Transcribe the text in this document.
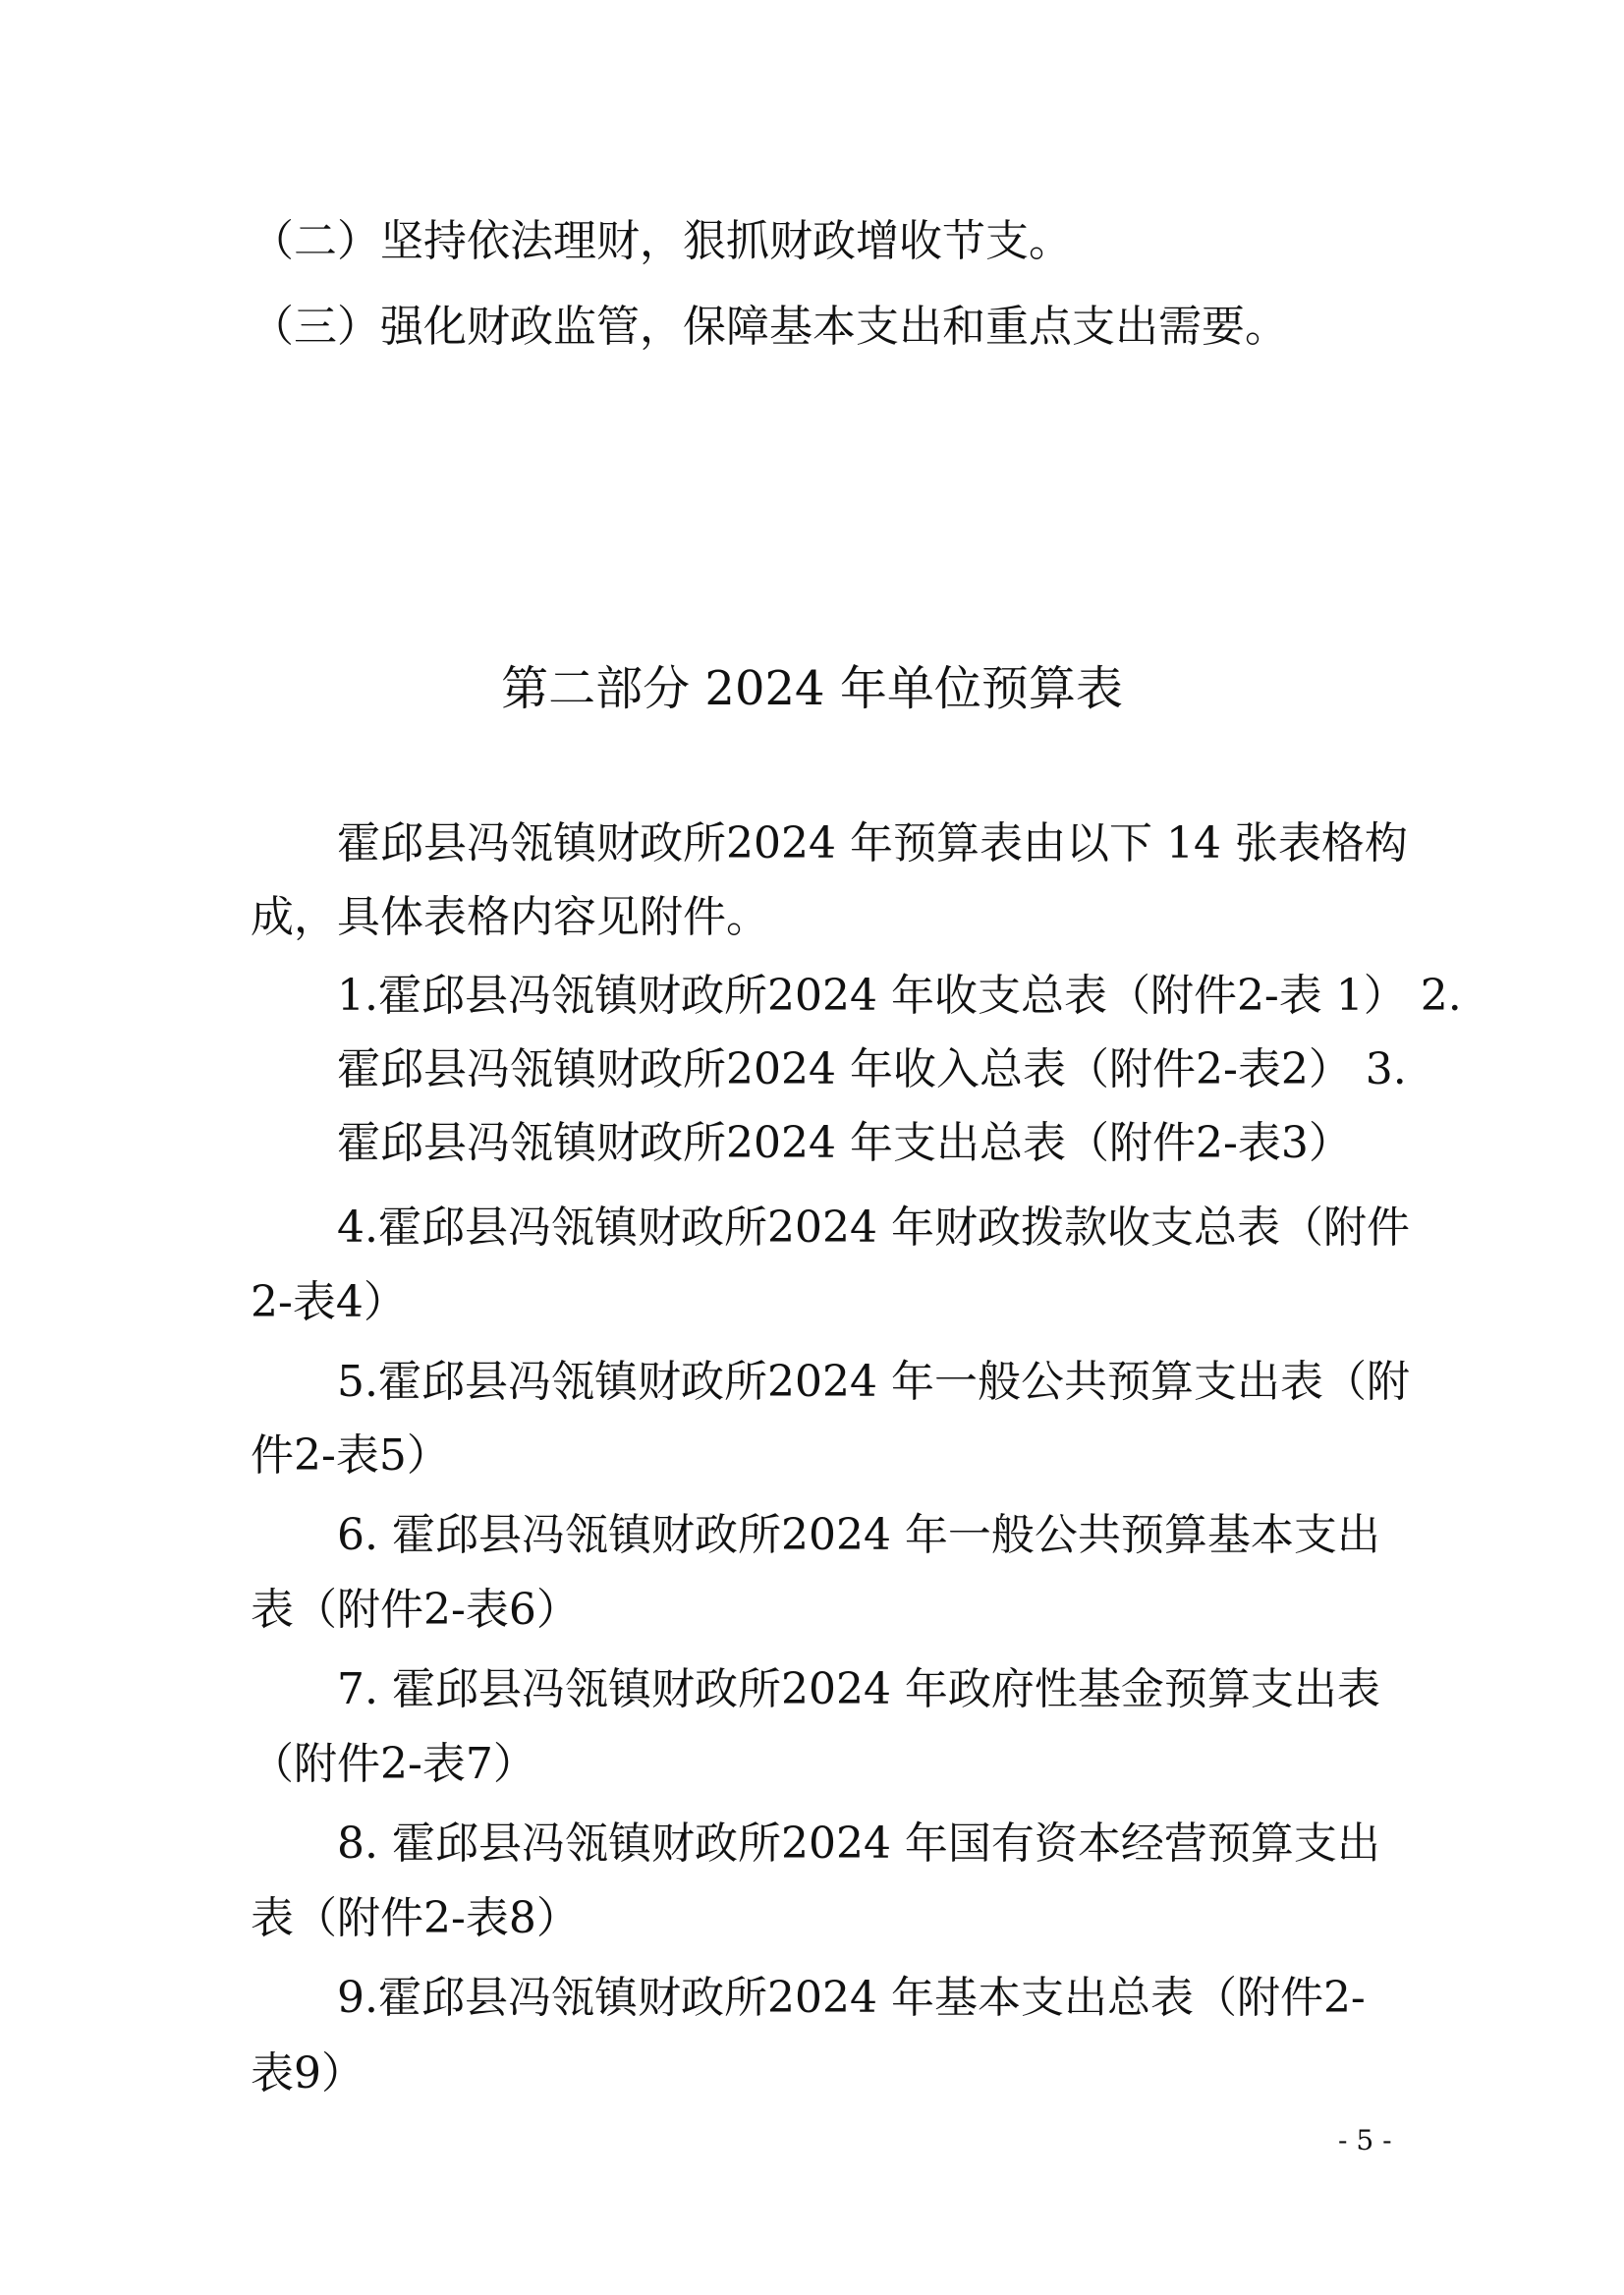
（二）坚持依法理财，狠抓财政增收节支。
（三）强化财政监管，保障基本支出和重点支出需要。
第二部分 2024 年单位预算表
霍邱县冯瓴镇财政所2024 年预算表由以下 14 张表格构
成，具体表格内容见附件。
1.霍邱县冯瓴镇财政所2024 年收支总表（附件2-表 1） 2.
霍邱县冯瓴镇财政所2024 年收入总表（附件2-表2） 3.
霍邱县冯瓴镇财政所2024 年支出总表（附件2-表3）
4.霍邱县冯瓴镇财政所2024 年财政拨款收支总表（附件
2-表4）
5.霍邱县冯瓴镇财政所2024 年一般公共预算支出表（附
件2-表5）
6. 霍邱县冯瓴镇财政所2024 年一般公共预算基本支出
表（附件2-表6）
7. 霍邱县冯瓴镇财政所2024 年政府性基金预算支出表
（附件2-表7）
8. 霍邱县冯瓴镇财政所2024 年国有资本经营预算支出
表（附件2-表8）
9.霍邱县冯瓴镇财政所2024 年基本支出总表（附件2-
表9）
- 5 -
